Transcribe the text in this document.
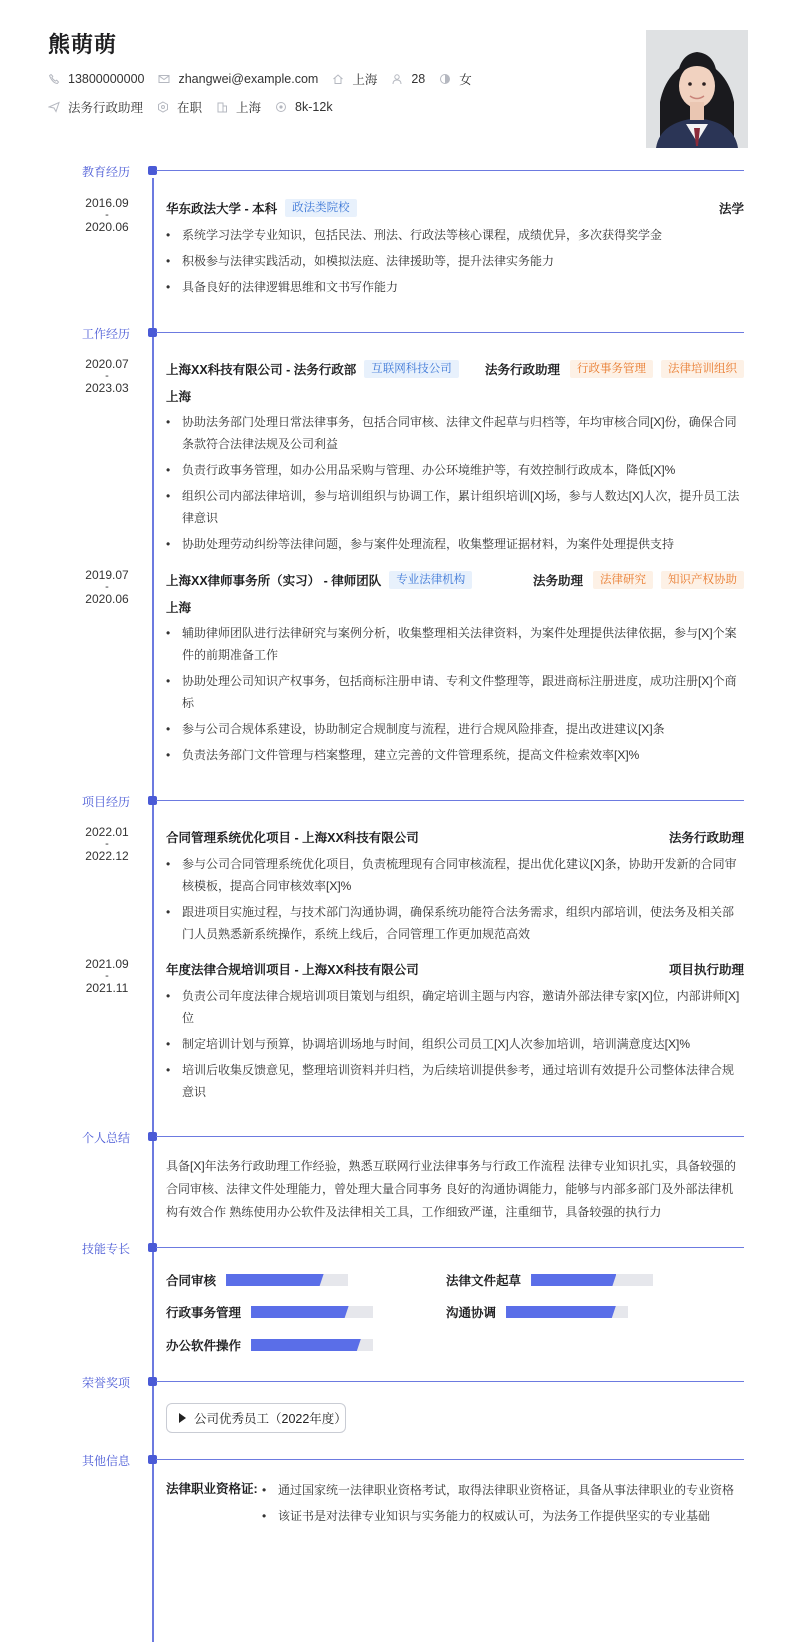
熊萌萌
13800000000	zhangwei@example.com	上海	28	女
法务行政助理	在职	上海	8k-12k
教育经历
2016.09
-
2020.06
华东政法大学 - 本科	政法类院校	法学
• 系统学习法学专业知识，包括民法、刑法、行政法等核心课程，成绩优异，多次获得奖学金
• 积极参与法律实践活动，如模拟法庭、法律援助等，提升法律实务能力
• 具备良好的法律逻辑思维和文书写作能力
工作经历
2020.07
-
2023.03
上海XX科技有限公司 - 法务行政部	互联网科技公司	法务行政助理	行政事务管理	法律培训组织
上海
• 协助法务部门处理日常法律事务，包括合同审核、法律文件起草与归档等，年均审核合同[X]份，确保合同条款符合法律法规及公司利益
• 负责行政事务管理，如办公用品采购与管理、办公环境维护等，有效控制行政成本，降低[X]%
• 组织公司内部法律培训，参与培训组织与协调工作，累计组织培训[X]场，参与人数达[X]人次，提升员工法律意识
• 协助处理劳动纠纷等法律问题，参与案件处理流程，收集整理证据材料，为案件处理提供支持
2019.07
-
2020.06
上海XX律师事务所（实习） - 律师团队	专业法律机构	法务助理	法律研究	知识产权协助
上海
• 辅助律师团队进行法律研究与案例分析，收集整理相关法律资料，为案件处理提供法律依据，参与[X]个案件的前期准备工作
• 协助处理公司知识产权事务，包括商标注册申请、专利文件整理等，跟进商标注册进度，成功注册[X]个商标
• 参与公司合规体系建设，协助制定合规制度与流程，进行合规风险排查，提出改进建议[X]条
• 负责法务部门文件管理与档案整理，建立完善的文件管理系统，提高文件检索效率[X]%
项目经历
2022.01
-
2022.12
合同管理系统优化项目 - 上海XX科技有限公司	法务行政助理
• 参与公司合同管理系统优化项目，负责梳理现有合同审核流程，提出优化建议[X]条，协助开发新的合同审核模板，提高合同审核效率[X]%
• 跟进项目实施过程，与技术部门沟通协调，确保系统功能符合法务需求，组织内部培训，使法务及相关部门人员熟悉新系统操作，系统上线后，合同管理工作更加规范高效
2021.09
-
2021.11
年度法律合规培训项目 - 上海XX科技有限公司	项目执行助理
• 负责公司年度法律合规培训项目策划与组织，确定培训主题与内容，邀请外部法律专家[X]位，内部讲师[X]位
• 制定培训计划与预算，协调培训场地与时间，组织公司员工[X]人次参加培训，培训满意度达[X]%
• 培训后收集反馈意见，整理培训资料并归档，为后续培训提供参考，通过培训有效提升公司整体法律合规意识
个人总结
具备[X]年法务行政助理工作经验，熟悉互联网行业法律事务与行政工作流程 法律专业知识扎实，具备较强的合同审核、法律文件处理能力，曾处理大量合同事务 良好的沟通协调能力，能够与内部多部门及外部法律机构有效合作 熟练使用办公软件及法律相关工具，工作细致严谨，注重细节，具备较强的执行力
技能专长
合同审核	法律文件起草
行政事务管理	沟通协调
办公软件操作
荣誉奖项
公司优秀员工（2022年度）
其他信息
法律职业资格证:
•	通过国家统一法律职业资格考试，取得法律职业资格证，具备从事法律职业的专业资格
• 该证书是对法律专业知识与实务能力的权威认可，为法务工作提供坚实的专业基础
